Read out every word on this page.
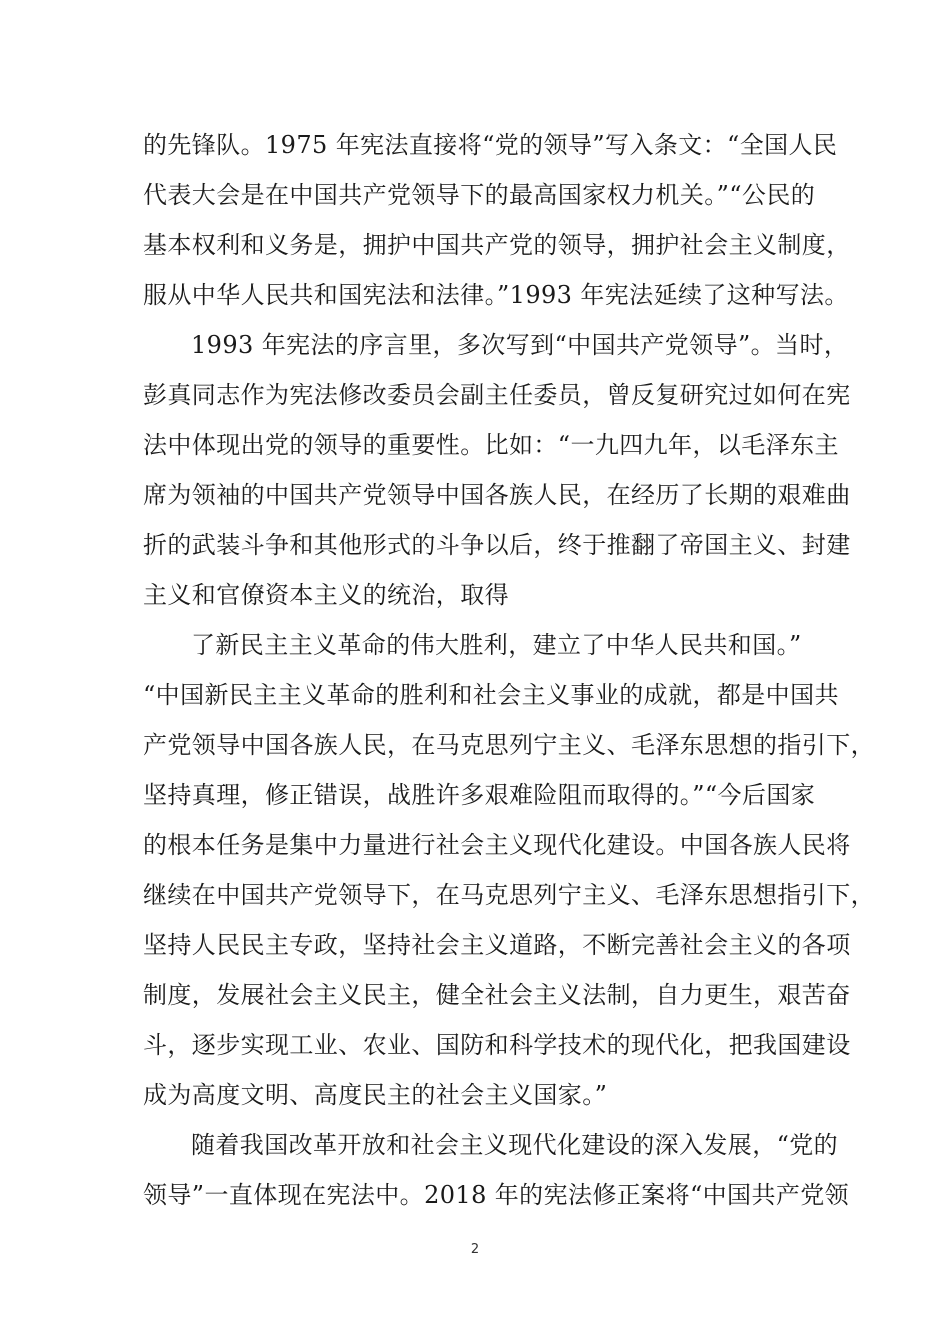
的先锋队。1975 年宪法直接将“党的领导”写入条文：“全国人民
代表大会是在中国共产党领导下的最高国家权力机关。”“公民的
基本权利和义务是，拥护中国共产党的领导，拥护社会主义制度，
服从中华人民共和国宪法和法律。”1993 年宪法延续了这种写法。
1993 年宪法的序言里，多次写到“中国共产党领导”。当时，
彭真同志作为宪法修改委员会副主任委员，曾反复研究过如何在宪
法中体现出党的领导的重要性。比如：“一九四九年，以毛泽东主
席为领袖的中国共产党领导中国各族人民，在经历了长期的艰难曲
折的武装斗争和其他形式的斗争以后，终于推翻了帝国主义、封建
主义和官僚资本主义的统治，取得
了新民主主义革命的伟大胜利，建立了中华人民共和国。”
“中国新民主主义革命的胜利和社会主义事业的成就，都是中国共
产党领导中国各族人民，在马克思列宁主义、毛泽东思想的指引下，
坚持真理，修正错误，战胜许多艰难险阻而取得的。”“今后国家
的根本任务是集中力量进行社会主义现代化建设。中国各族人民将
继续在中国共产党领导下，在马克思列宁主义、毛泽东思想指引下，
坚持人民民主专政，坚持社会主义道路，不断完善社会主义的各项
制度，发展社会主义民主，健全社会主义法制，自力更生，艰苦奋
斗，逐步实现工业、农业、国防和科学技术的现代化，把我国建设
成为高度文明、高度民主的社会主义国家。”
随着我国改革开放和社会主义现代化建设的深入发展，“党的
领导”一直体现在宪法中。2018 年的宪法修正案将“中国共产党领
2
